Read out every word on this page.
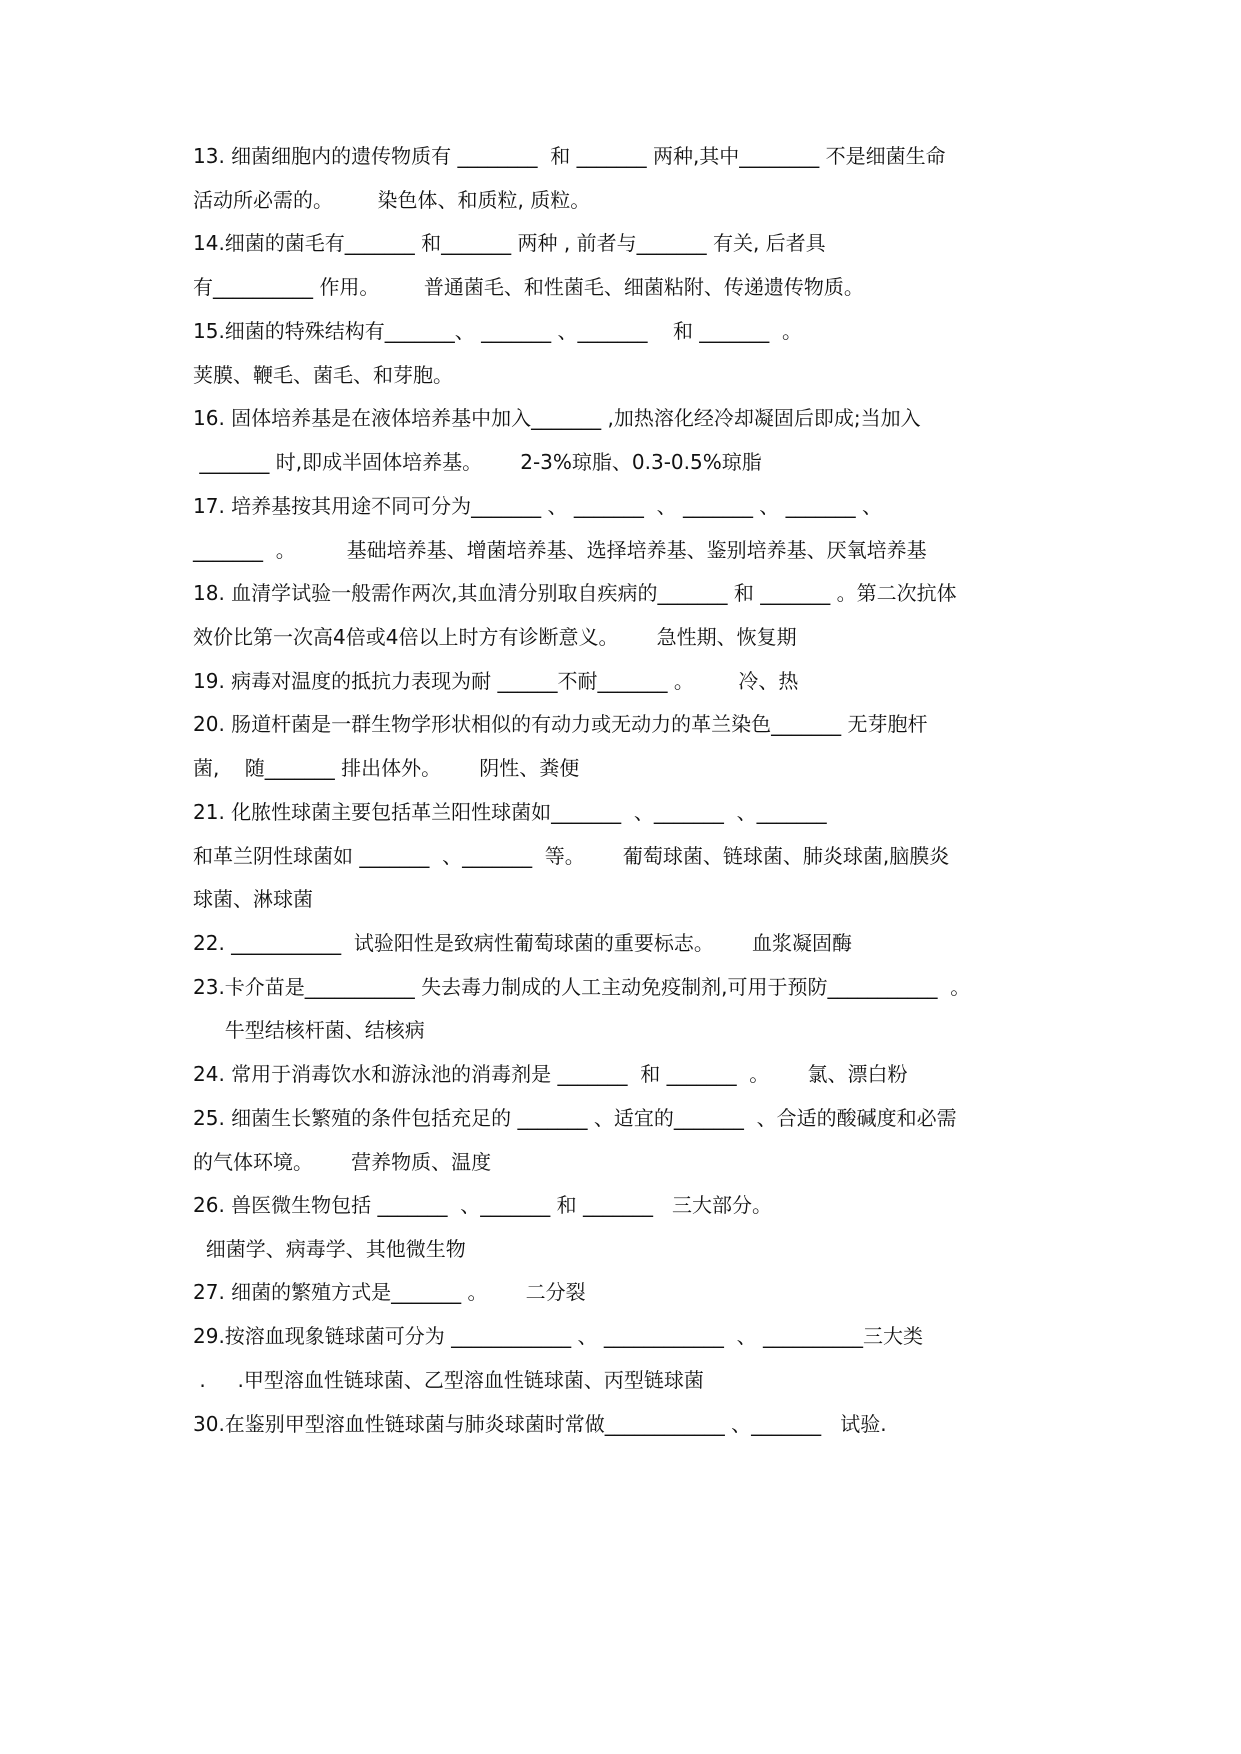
13. 细菌细胞内的遗传物质有 ________  和 _______ 两种,其中________ 不是细菌生命
活动所必需的。       染色体、和质粒, 质粒。
14.细菌的菌毛有_______ 和_______ 两种 , 前者与_______ 有关, 后者具
有__________ 作用。       普通菌毛、和性菌毛、细菌粘附、传递遗传物质。
15.细菌的特殊结构有_______、 _______ 、_______    和 _______  。
荚膜、鞭毛、菌毛、和芽胞。
16. 固体培养基是在液体培养基中加入_______ ,加热溶化经冷却凝固后即成;当加入
_______ 时,即成半固体培养基。      2-3%琼脂、0.3-0.5%琼脂
17. 培养基按其用途不同可分为_______ 、 _______  、 _______ 、 _______ 、
_______  。        基础培养基、增菌培养基、选择培养基、鉴别培养基、厌氧培养基
18. 血清学试验一般需作两次,其血清分别取自疾病的_______ 和 _______ 。第二次抗体
效价比第一次高4倍或4倍以上时方有诊断意义。      急性期、恢复期
19. 病毒对温度的抵抗力表现为耐 ______不耐_______ 。       冷、热
20. 肠道杆菌是一群生物学形状相似的有动力或无动力的革兰染色_______ 无芽胞杆
菌,    随_______ 排出体外。      阴性、粪便
21. 化脓性球菌主要包括革兰阳性球菌如_______  、_______  、_______
和革兰阴性球菌如 _______  、_______  等。      葡萄球菌、链球菌、肺炎球菌,脑膜炎
球菌、淋球菌
22. ___________  试验阳性是致病性葡萄球菌的重要标志。      血浆凝固酶
23.卡介苗是___________ 失去毒力制成的人工主动免疫制剂,可用于预防___________  。
牛型结核杆菌、结核病
24. 常用于消毒饮水和游泳池的消毒剂是 _______  和 _______  。      氯、漂白粉
25. 细菌生长繁殖的条件包括充足的 _______ 、适宜的_______  、合适的酸碱度和必需
的气体环境。      营养物质、温度
26. 兽医微生物包括 _______  、_______ 和 _______   三大部分。
细菌学、病毒学、其他微生物
27. 细菌的繁殖方式是_______ 。      二分裂
29.按溶血现象链球菌可分为 ____________ 、 ____________  、 __________三大类
.     .甲型溶血性链球菌、乙型溶血性链球菌、丙型链球菌
30.在鉴别甲型溶血性链球菌与肺炎球菌时常做____________ 、_______   试验.
